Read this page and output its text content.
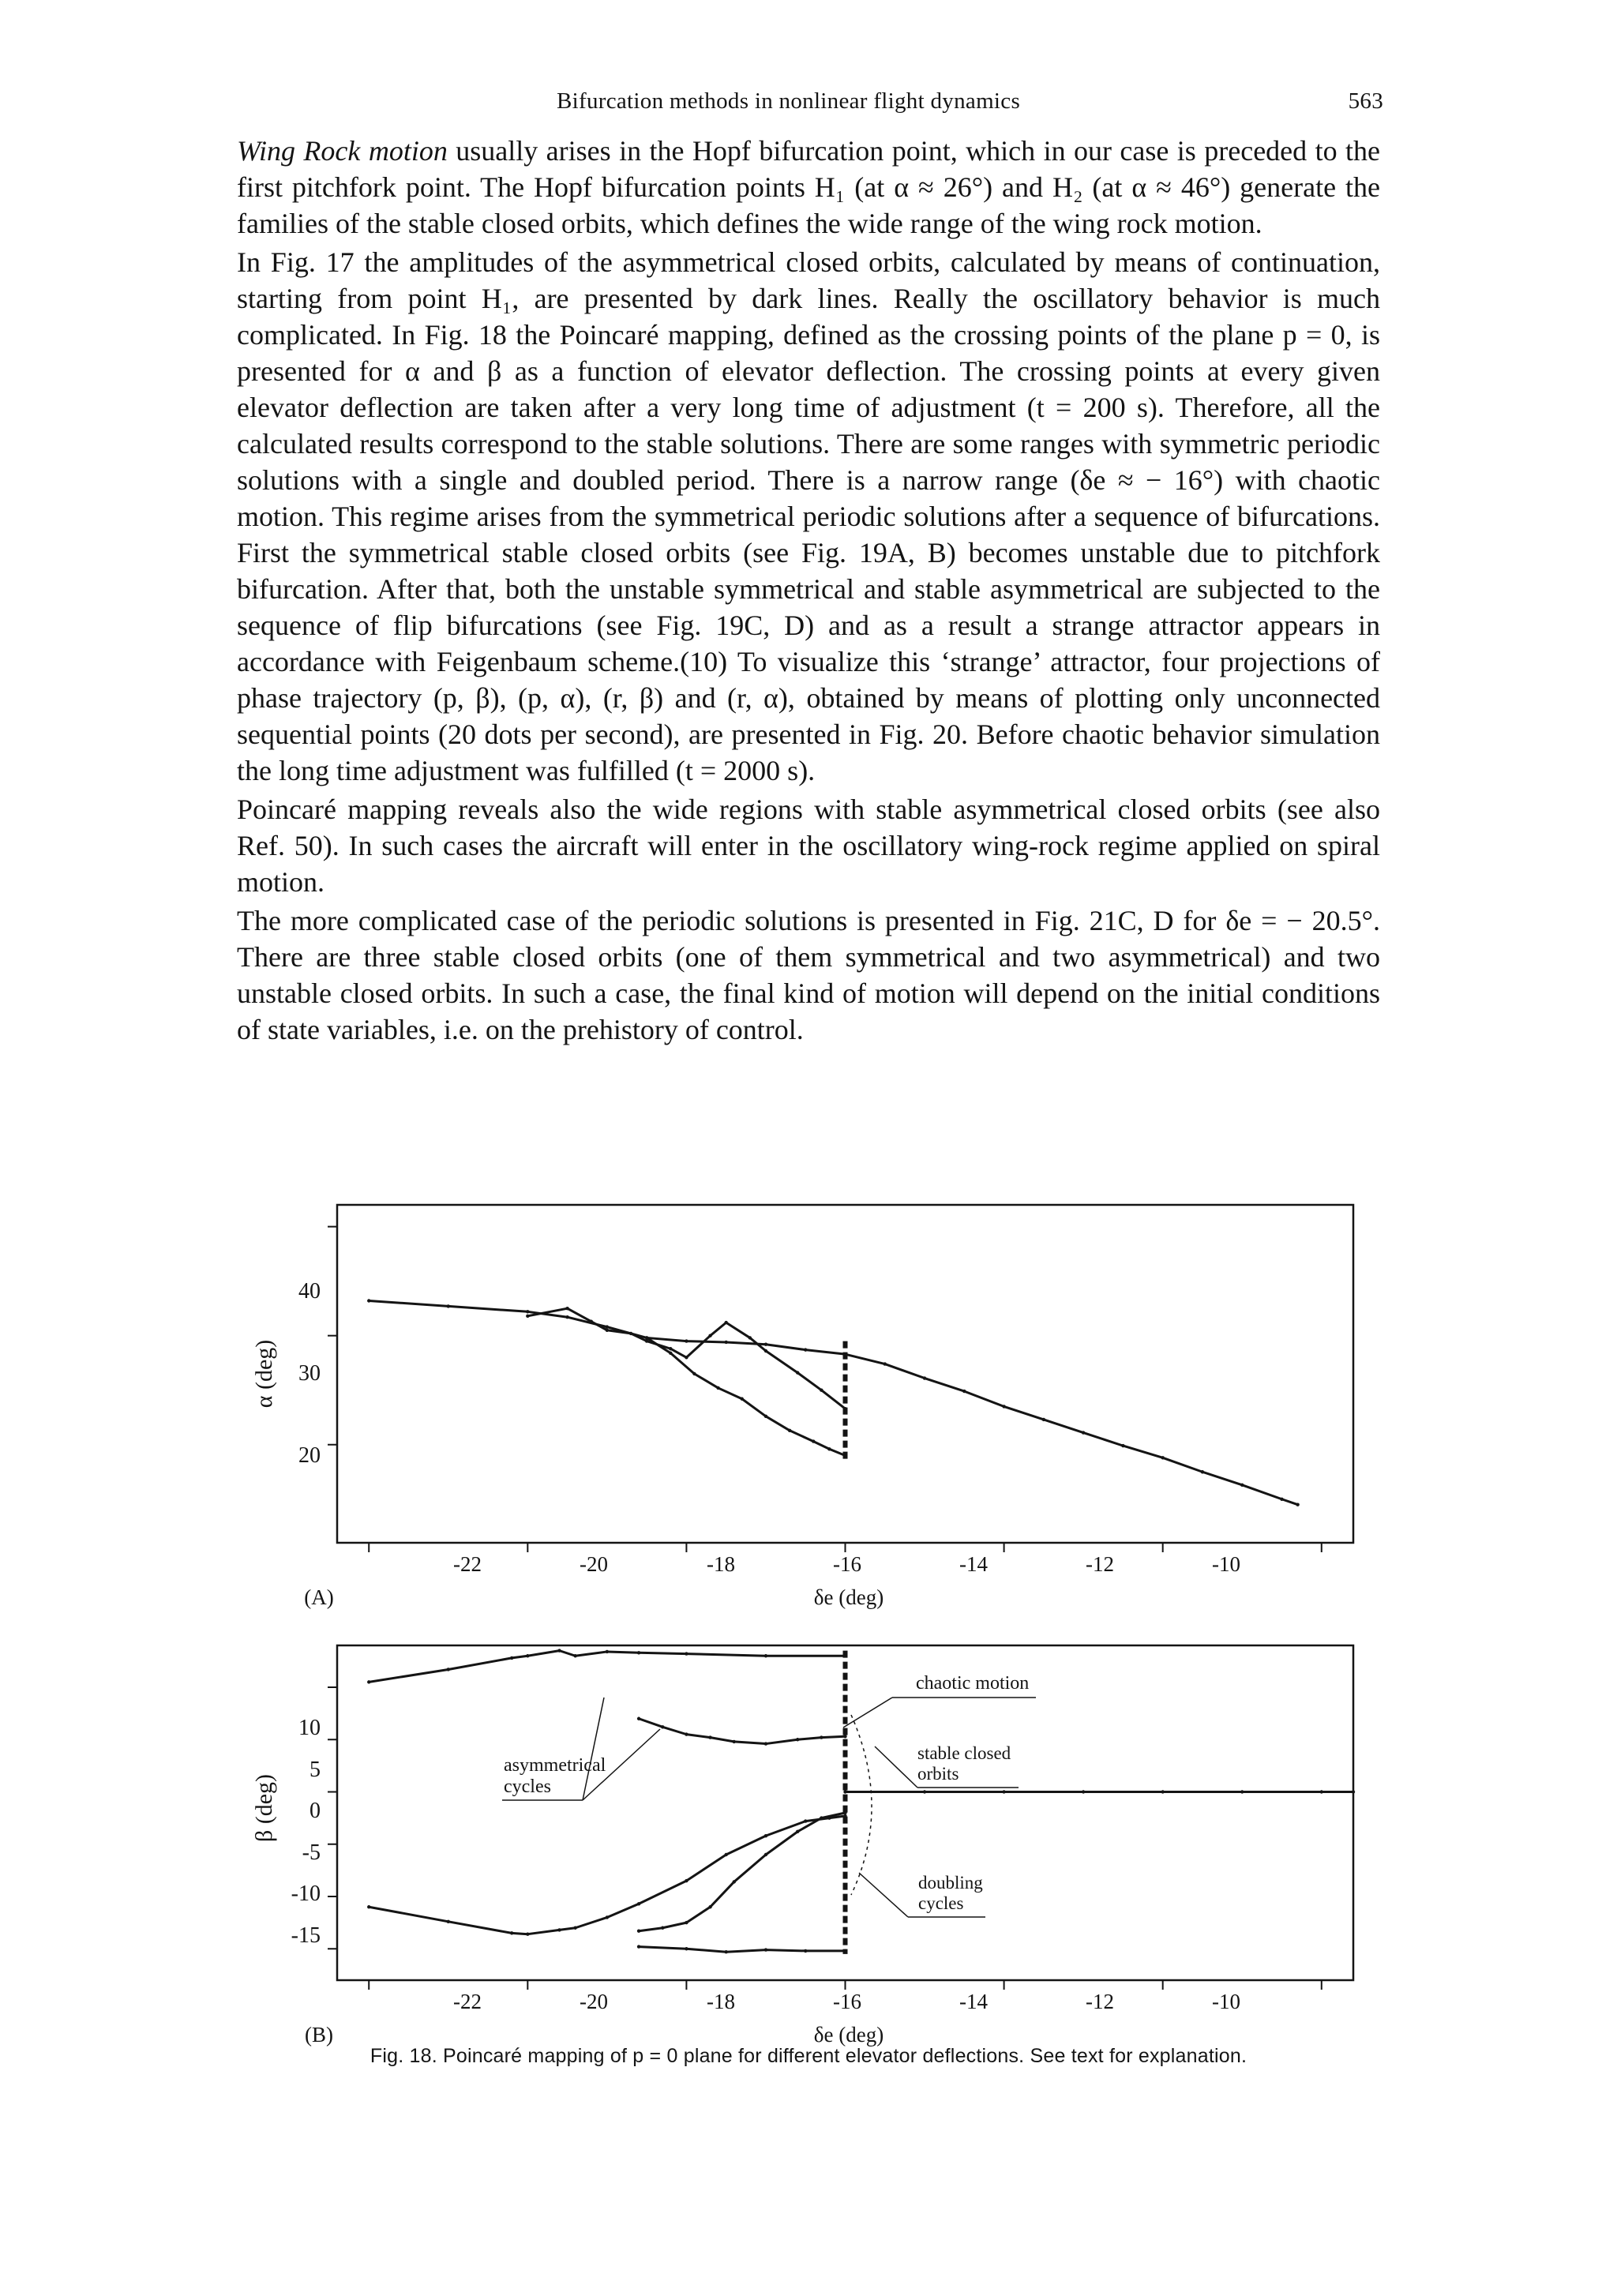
Bifurcation methods in nonlinear flight dynamics	563

Wing Rock motion usually arises in the Hopf bifurcation point, which in our case is preceded to the first pitchfork point. The Hopf bifurcation points H₁ (at α ≈ 26°) and H₂ (at α ≈ 46°) generate the families of the stable closed orbits, which defines the wide range of the wing rock motion.

In Fig. 17 the amplitudes of the asymmetrical closed orbits, calculated by means of continuation, starting from point H₁, are presented by dark lines. Really the oscillatory behavior is much complicated. In Fig. 18 the Poincaré mapping, defined as the crossing points of the plane p = 0, is presented for α and β as a function of elevator deflection. The crossing points at every given elevator deflection are taken after a very long time of adjustment (t = 200 s). Therefore, all the calculated results correspond to the stable solutions. There are some ranges with symmetric periodic solutions with a single and doubled period. There is a narrow range (δe ≈ − 16°) with chaotic motion. This regime arises from the symmetrical periodic solutions after a sequence of bifurcations. First the symmetrical stable closed orbits (see Fig. 19A, B) becomes unstable due to pitchfork bifurcation. After that, both the unstable symmetrical and stable asymmetrical are subjected to the sequence of flip bifurcations (see Fig. 19C, D) and as a result a strange attractor appears in accordance with Feigenbaum scheme.(10) To visualize this ‘strange’ attractor, four projections of phase trajectory (p, β), (p, α), (r, β) and (r, α), obtained by means of plotting only unconnected sequential points (20 dots per second), are presented in Fig. 20. Before chaotic behavior simulation the long time adjustment was fulfilled (t = 2000 s).

Poincaré mapping reveals also the wide regions with stable asymmetrical closed orbits (see also Ref. 50). In such cases the aircraft will enter in the oscillatory wing-rock regime applied on spiral motion.

The more complicated case of the periodic solutions is presented in Fig. 21C, D for δe = − 20.5°. There are three stable closed orbits (one of them symmetrical and two asymmetrical) and two unstable closed orbits. In such a case, the final kind of motion will depend on the initial conditions of state variables, i.e. on the prehistory of control.

α (deg)
40
30
20
-22	-20	-18	-16	-14	-12	-10
(A)	δe (deg)
β (deg)
10
5
0
-5
-10
-15
-22	-20	-18	-16	-14	-12	-10
(B)	δe (deg)
asymmetrical
cycles
chaotic motion
stable closed
orbits
doubling
cycles
Fig. 18. Poincaré mapping of p = 0 plane for different elevator deflections. See text for explanation.
